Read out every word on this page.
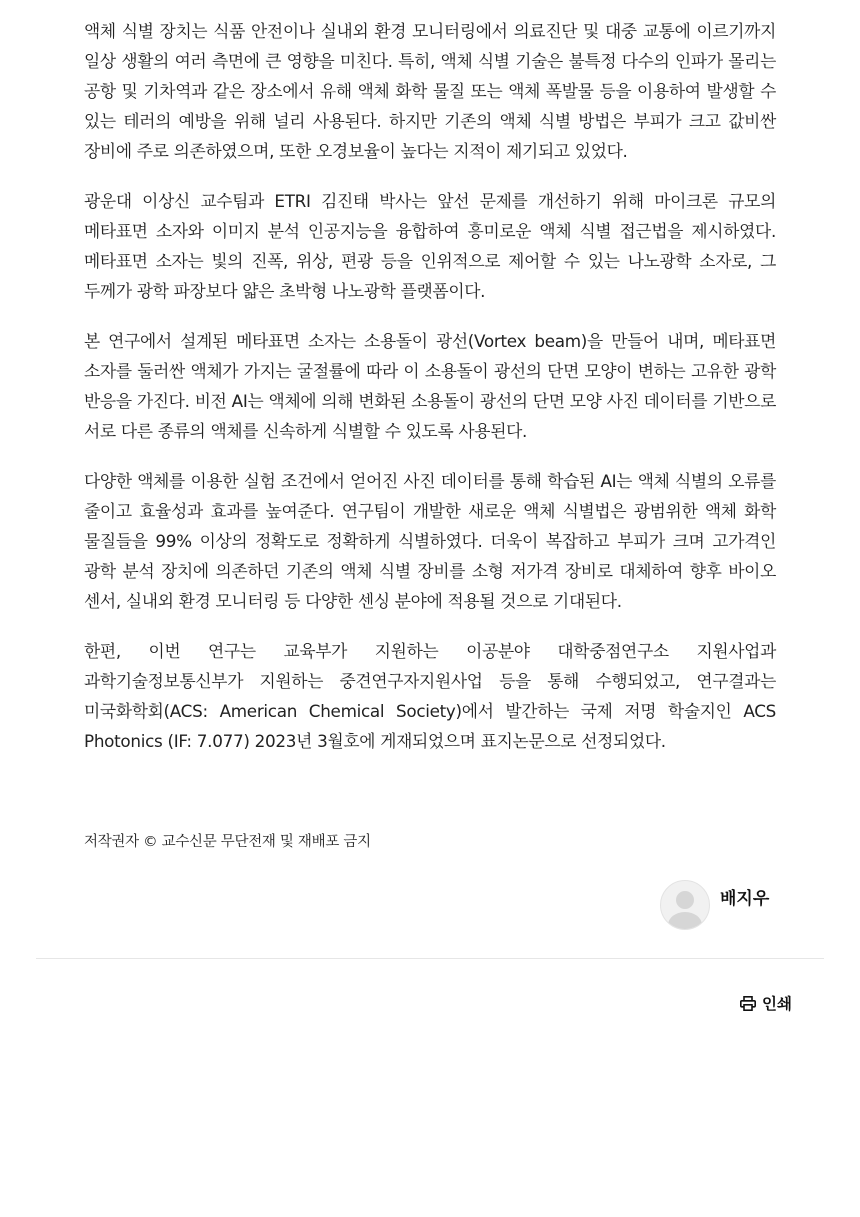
액체 식별 장치는 식품 안전이나 실내외 환경 모니터링에서 의료진단 및 대중 교통에 이르기까지 일상 생활의 여러 측면에 큰 영향을 미친다. 특히, 액체 식별 기술은 불특정 다수의 인파가 몰리는 공항 및 기차역과 같은 장소에서 유해 액체 화학 물질 또는 액체 폭발물 등을 이용하여 발생할 수 있는 테러의 예방을 위해 널리 사용된다. 하지만 기존의 액체 식별 방법은 부피가 크고 값비싼 장비에 주로 의존하였으며, 또한 오경보율이 높다는 지적이 제기되고 있었다.

광운대 이상신 교수팀과 ETRI 김진태 박사는 앞선 문제를 개선하기 위해 마이크론 규모의 메타표면 소자와 이미지 분석 인공지능을 융합하여 흥미로운 액체 식별 접근법을 제시하였다. 메타표면 소자는 빛의 진폭, 위상, 편광 등을 인위적으로 제어할 수 있는 나노광학 소자로, 그 두께가 광학 파장보다 얇은 초박형 나노광학 플랫폼이다.

본 연구에서 설계된 메타표면 소자는 소용돌이 광선(Vortex beam)을 만들어 내며, 메타표면 소자를 둘러싼 액체가 가지는 굴절률에 따라 이 소용돌이 광선의 단면 모양이 변하는 고유한 광학 반응을 가진다. 비전 AI는 액체에 의해 변화된 소용돌이 광선의 단면 모양 사진 데이터를 기반으로 서로 다른 종류의 액체를 신속하게 식별할 수 있도록 사용된다.

다양한 액체를 이용한 실험 조건에서 얻어진 사진 데이터를 통해 학습된 AI는 액체 식별의 오류를 줄이고 효율성과 효과를 높여준다. 연구팀이 개발한 새로운 액체 식별법은 광범위한 액체 화학 물질들을 99% 이상의 정확도로 정확하게 식별하였다. 더욱이 복잡하고 부피가 크며 고가격인 광학 분석 장치에 의존하던 기존의 액체 식별 장비를 소형 저가격 장비로 대체하여 향후 바이오 센서, 실내외 환경 모니터링 등 다양한 센싱 분야에 적용될 것으로 기대된다.

한편, 이번 연구는 교육부가 지원하는 이공분야 대학중점연구소 지원사업과 과학기술정보통신부가 지원하는 중견연구자지원사업 등을 통해 수행되었고, 연구결과는 미국화학회(ACS: American Chemical Society)에서 발간하는 국제 저명 학술지인 ACS Photonics (IF: 7.077) 2023년 3월호에 게재되었으며 표지논문으로 선정되었다.

저작권자 © 교수신문 무단전재 및 재배포 금지
배지우
인쇄
